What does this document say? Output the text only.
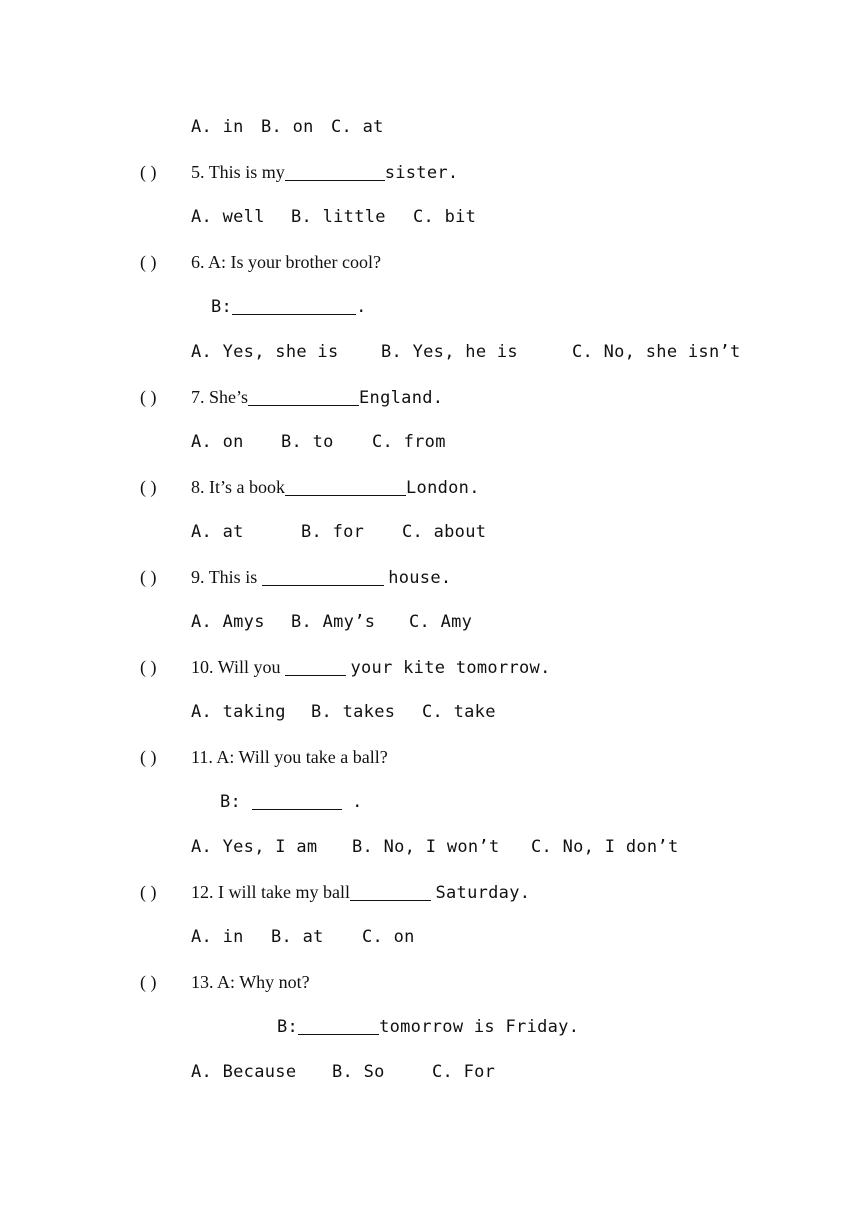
A. in B. on C. at
( ) 5. This is my	sister.
A. well B. little C. bit
( ) 6. A: Is your brother cool?
B:	.
A. Yes, she is	B. Yes, he is	C. No, she isn’t
( ) 7. She’s	England.
A. on B. to C. from
( ) 8. It’s a book	London.
A. at	B. for C. about
( ) 9. This is	house.
A. Amys B. Amy’s C. Amy
( ) 10. Will you	your kite tomorrow.
A. taking B. takes C. take
( ) 11. A: Will you take a ball?
B:	.
A. Yes, I am B. No, I won’t C. No, I don’t
( ) 12. I will take my ball	Saturday.
A. in B. at C. on
( ) 13. A: Why not?
B:	tomorrow is Friday.
A. Because B. So	C. For
